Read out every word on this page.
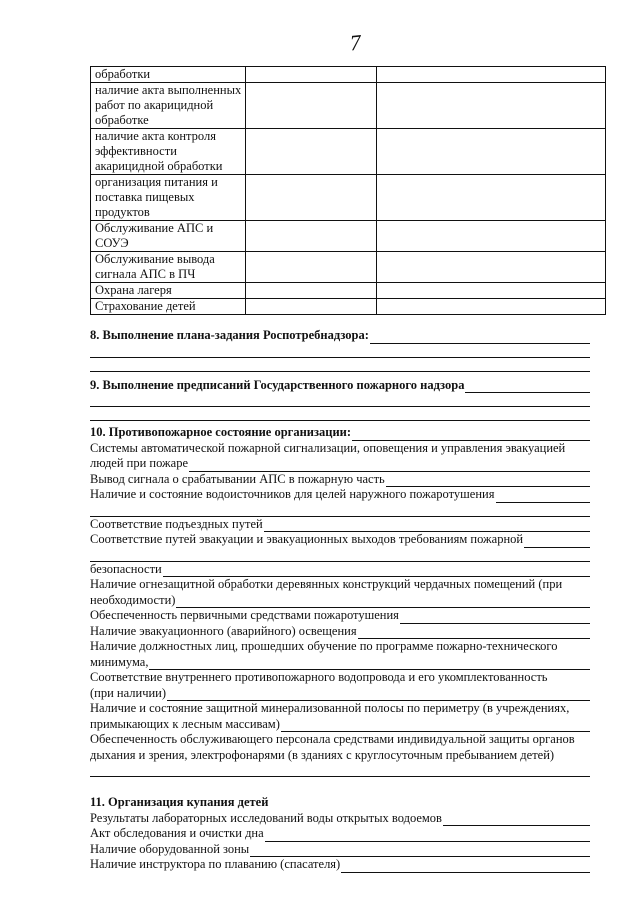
7
обработки		
наличие акта выполненных работ по акарицидной обработке		
наличие акта контроля эффективности акарицидной обработки		
организация питания и поставка пищевых продуктов		
Обслуживание АПС и СОУЭ		
Обслуживание вывода сигнала АПС в ПЧ		
Охрана лагеря		
Страхование детей		
8. Выполнение плана-задания Роспотребнадзора:
9. Выполнение предписаний Государственного пожарного надзора
10. Противопожарное состояние организации:
Системы автоматической пожарной сигнализации, оповещения и управления эвакуацией
людей при пожаре
Вывод сигнала о срабатывании АПС в пожарную часть
Наличие и состояние водоисточников для целей наружного пожаротушения
Соответствие подъездных путей
Соответствие путей эвакуации и эвакуационных выходов требованиям пожарной
безопасности
Наличие огнезащитной обработки деревянных конструкций чердачных помещений (при
необходимости)
Обеспеченность первичными средствами пожаротушения
Наличие эвакуационного (аварийного) освещения
Наличие должностных лиц, прошедших обучение по программе пожарно-технического
минимума,
Соответствие внутреннего противопожарного водопровода и его укомплектованность
(при наличии)
Наличие и состояние защитной минерализованной полосы по периметру (в учреждениях,
примыкающих к лесным массивам)
Обеспеченность обслуживающего персонала средствами индивидуальной защиты органов
дыхания и зрения, электрофонарями (в зданиях с круглосуточным пребыванием детей)
11. Организация купания детей
Результаты лабораторных исследований воды открытых водоемов
Акт обследования и очистки дна
Наличие оборудованной зоны
Наличие инструктора по плаванию (спасателя)
